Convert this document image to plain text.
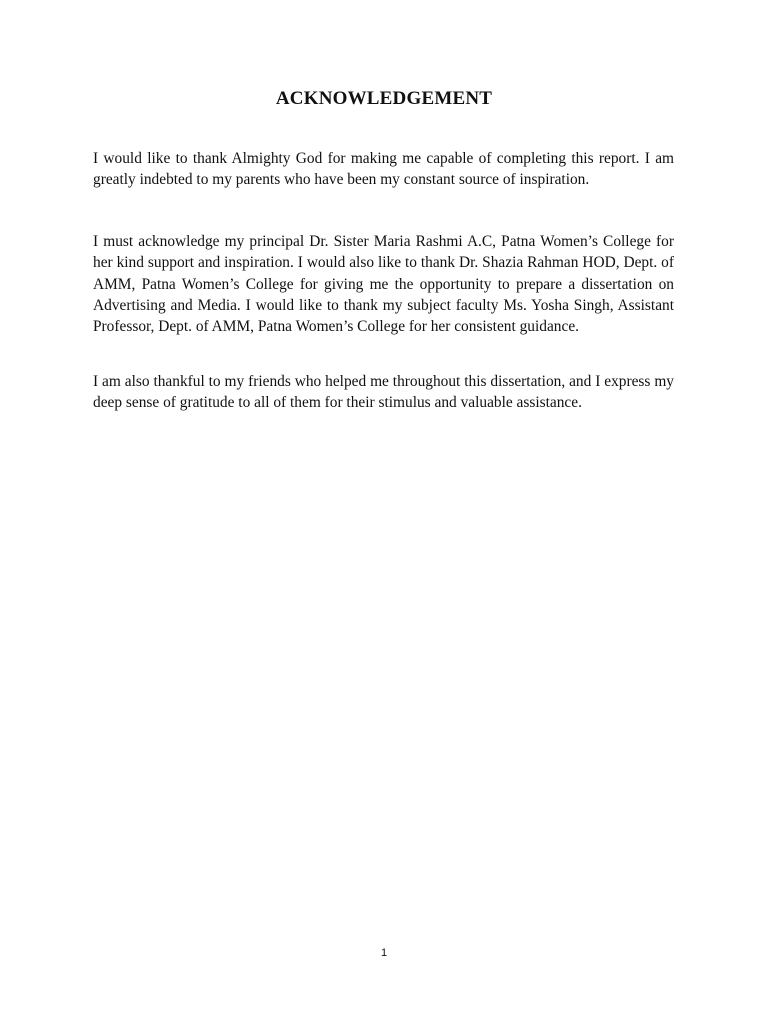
ACKNOWLEDGEMENT

I would like to thank Almighty God for making me capable of completing this report. I am
greatly indebted to my parents who have been my constant source of inspiration.

I must acknowledge my principal Dr. Sister Maria Rashmi A.C, Patna Women’s College for
her kind support and inspiration. I would also like to thank Dr. Shazia Rahman HOD, Dept. of
AMM, Patna Women’s College for giving me the opportunity to prepare a dissertation on
Advertising and Media. I would like to thank my subject faculty Ms. Yosha Singh, Assistant
Professor, Dept. of AMM, Patna Women’s College for her consistent guidance.

I am also thankful to my friends who helped me throughout this dissertation, and I express my
deep sense of gratitude to all of them for their stimulus and valuable assistance.

1
